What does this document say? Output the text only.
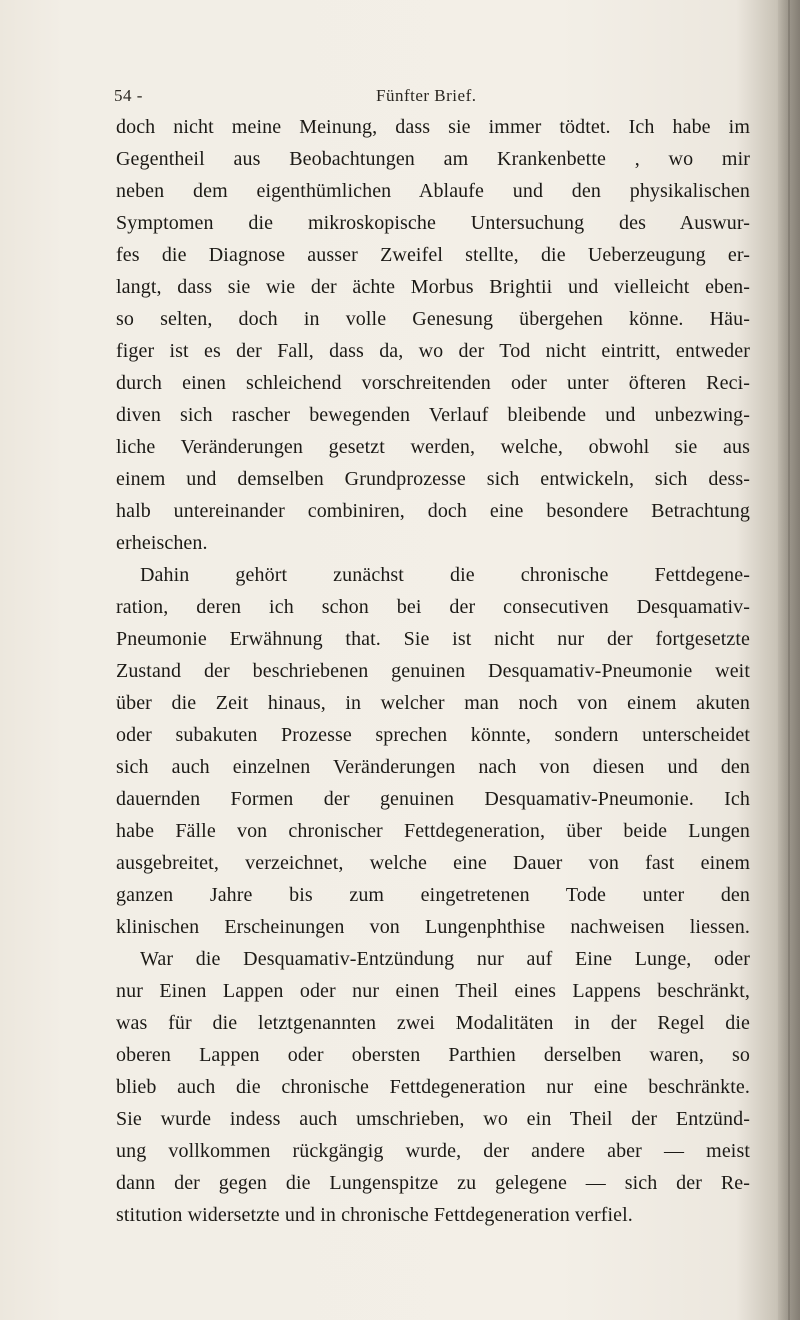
54 -	Fünfter Brief.
doch nicht meine Meinung, dass sie immer tödtet. Ich habe im
Gegentheil aus Beobachtungen am Krankenbette , wo mir
neben dem eigenthümlichen Ablaufe und den physikalischen
Symptomen die mikroskopische Untersuchung des Auswur-
fes die Diagnose ausser Zweifel stellte, die Ueberzeugung er-
langt, dass sie wie der ächte Morbus Brightii und vielleicht eben-
so selten, doch in volle Genesung übergehen könne. Häu-
figer ist es der Fall, dass da, wo der Tod nicht eintritt, entweder
durch einen schleichend vorschreitenden oder unter öfteren Reci-
diven sich rascher bewegenden Verlauf bleibende und unbezwing-
liche Veränderungen gesetzt werden, welche, obwohl sie aus
einem und demselben Grundprozesse sich entwickeln, sich dess-
halb untereinander combiniren, doch eine besondere Betrachtung
erheischen.
Dahin gehört zunächst die chronische Fettdegene-
ration, deren ich schon bei der consecutiven Desquamativ-
Pneumonie Erwähnung that. Sie ist nicht nur der fortgesetzte
Zustand der beschriebenen genuinen Desquamativ-Pneumonie weit
über die Zeit hinaus, in welcher man noch von einem akuten
oder subakuten Prozesse sprechen könnte, sondern unterscheidet
sich auch einzelnen Veränderungen nach von diesen und den
dauernden Formen der genuinen Desquamativ-Pneumonie. Ich
habe Fälle von chronischer Fettdegeneration, über beide Lungen
ausgebreitet, verzeichnet, welche eine Dauer von fast einem
ganzen Jahre bis zum eingetretenen Tode unter den
klinischen Erscheinungen von Lungenphthise nachweisen liessen.
War die Desquamativ-Entzündung nur auf Eine Lunge, oder
nur Einen Lappen oder nur einen Theil eines Lappens beschränkt,
was für die letztgenannten zwei Modalitäten in der Regel die
oberen Lappen oder obersten Parthien derselben waren, so
blieb auch die chronische Fettdegeneration nur eine beschränkte.
Sie wurde indess auch umschrieben, wo ein Theil der Entzünd-
ung vollkommen rückgängig wurde, der andere aber — meist
dann der gegen die Lungenspitze zu gelegene — sich der Re-
stitution widersetzte und in chronische Fettdegeneration verfiel.
